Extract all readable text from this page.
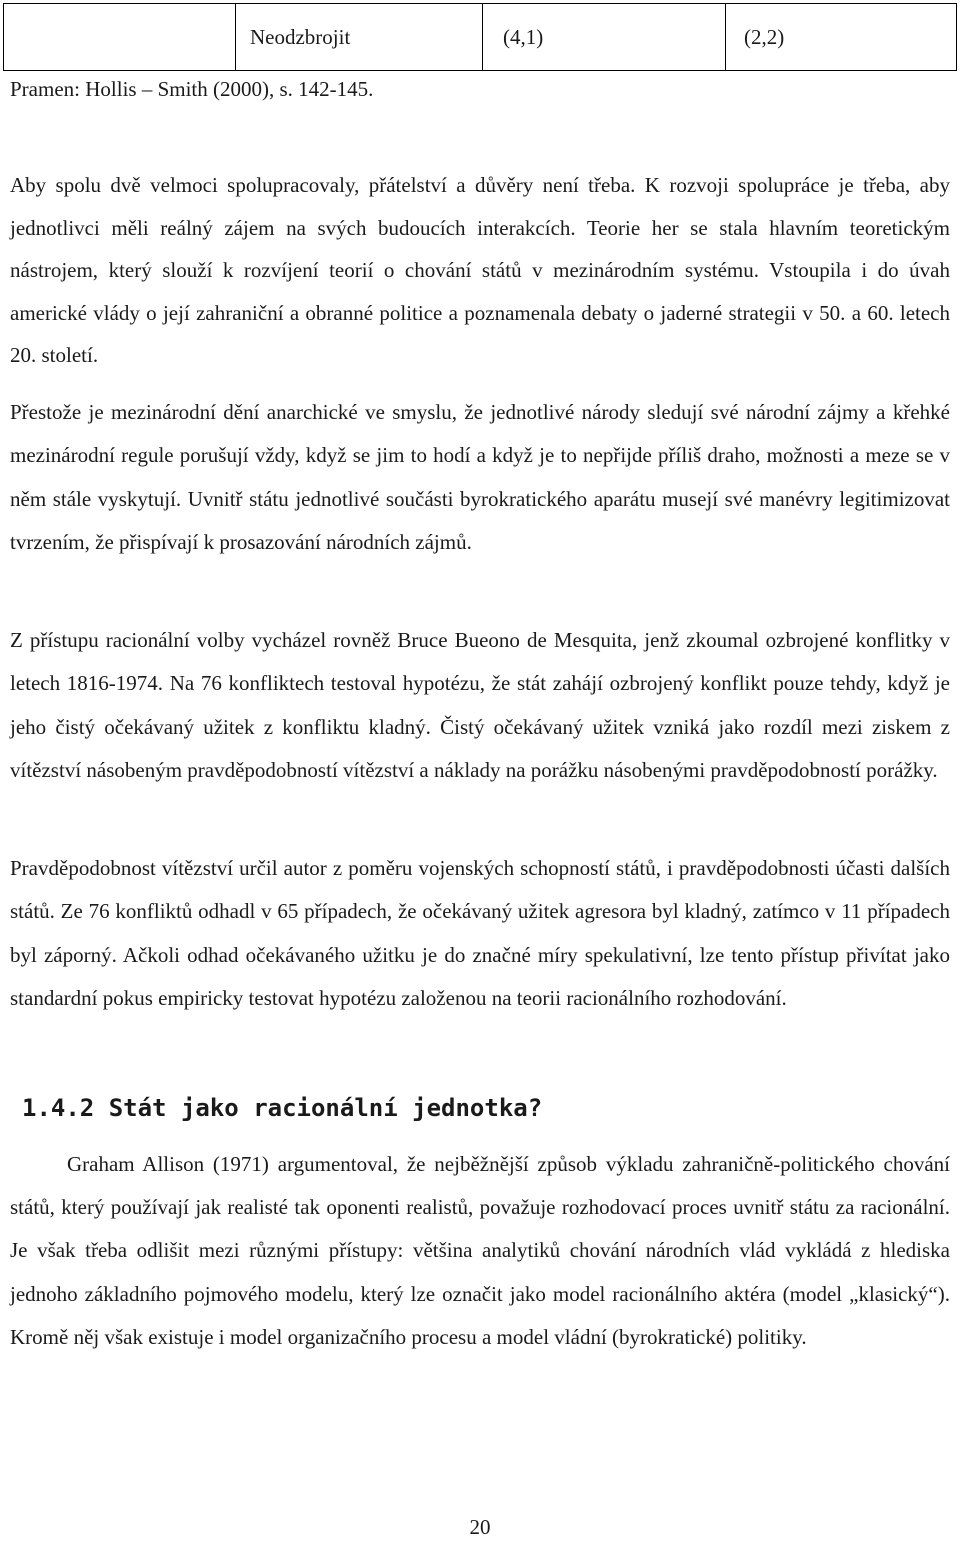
	Neodzbrojit	(4,1)	(2,2)
Pramen: Hollis – Smith (2000), s. 142-145.

Aby spolu dvě velmoci spolupracovaly, přátelství a důvěry není třeba. K rozvoji spolupráce je třeba, aby jednotlivci měli reálný zájem na svých budoucích interakcích. Teorie her se stala hlavním teoretickým nástrojem, který slouží k rozvíjení teorií o chování států v mezinárodním systému. Vstoupila i do úvah americké vlády o její zahraniční a obranné politice a poznamenala debaty o jaderné strategii v 50. a 60. letech 20. století.

Přestože je mezinárodní dění anarchické ve smyslu, že jednotlivé národy sledují své národní zájmy a křehké mezinárodní regule porušují vždy, když se jim to hodí a když je to nepřijde příliš draho, možnosti a meze se v něm stále vyskytují. Uvnitř státu jednotlivé součásti byrokratického aparátu musejí své manévry legitimizovat tvrzením, že přispívají k prosazování národních zájmů.

Z přístupu racionální volby vycházel rovněž Bruce Bueono de Mesquita, jenž zkoumal ozbrojené konflitky v letech 1816-1974. Na 76 konfliktech testoval hypotézu, že stát zahájí ozbrojený konflikt pouze tehdy, když je jeho čistý očekávaný užitek z konfliktu kladný. Čistý očekávaný užitek vzniká jako rozdíl mezi ziskem z vítězství násobeným pravděpodobností vítězství a náklady na porážku násobenými pravděpodobností porážky.

Pravděpodobnost vítězství určil autor z poměru vojenských schopností států, i pravděpodobnosti účasti dalších států. Ze 76 konfliktů odhadl v 65 případech, že očekávaný užitek agresora byl kladný, zatímco v 11 případech byl záporný. Ačkoli odhad očekávaného užitku je do značné míry spekulativní, lze tento přístup přivítat jako standardní pokus empiricky testovat hypotézu založenou na teorii racionálního rozhodování.

1.4.2 Stát jako racionální jednotka?

Graham Allison (1971) argumentoval, že nejběžnější způsob výkladu zahraničně-politického chování států, který používají jak realisté tak oponenti realistů, považuje rozhodovací proces uvnitř státu za racionální. Je však třeba odlišit mezi různými přístupy: většina analytiků chování národních vlád vykládá z hlediska jednoho základního pojmového modelu, který lze označit jako model racionálního aktéra (model „klasický“). Kromě něj však existuje i model organizačního procesu a model vládní (byrokratické) politiky.

20
